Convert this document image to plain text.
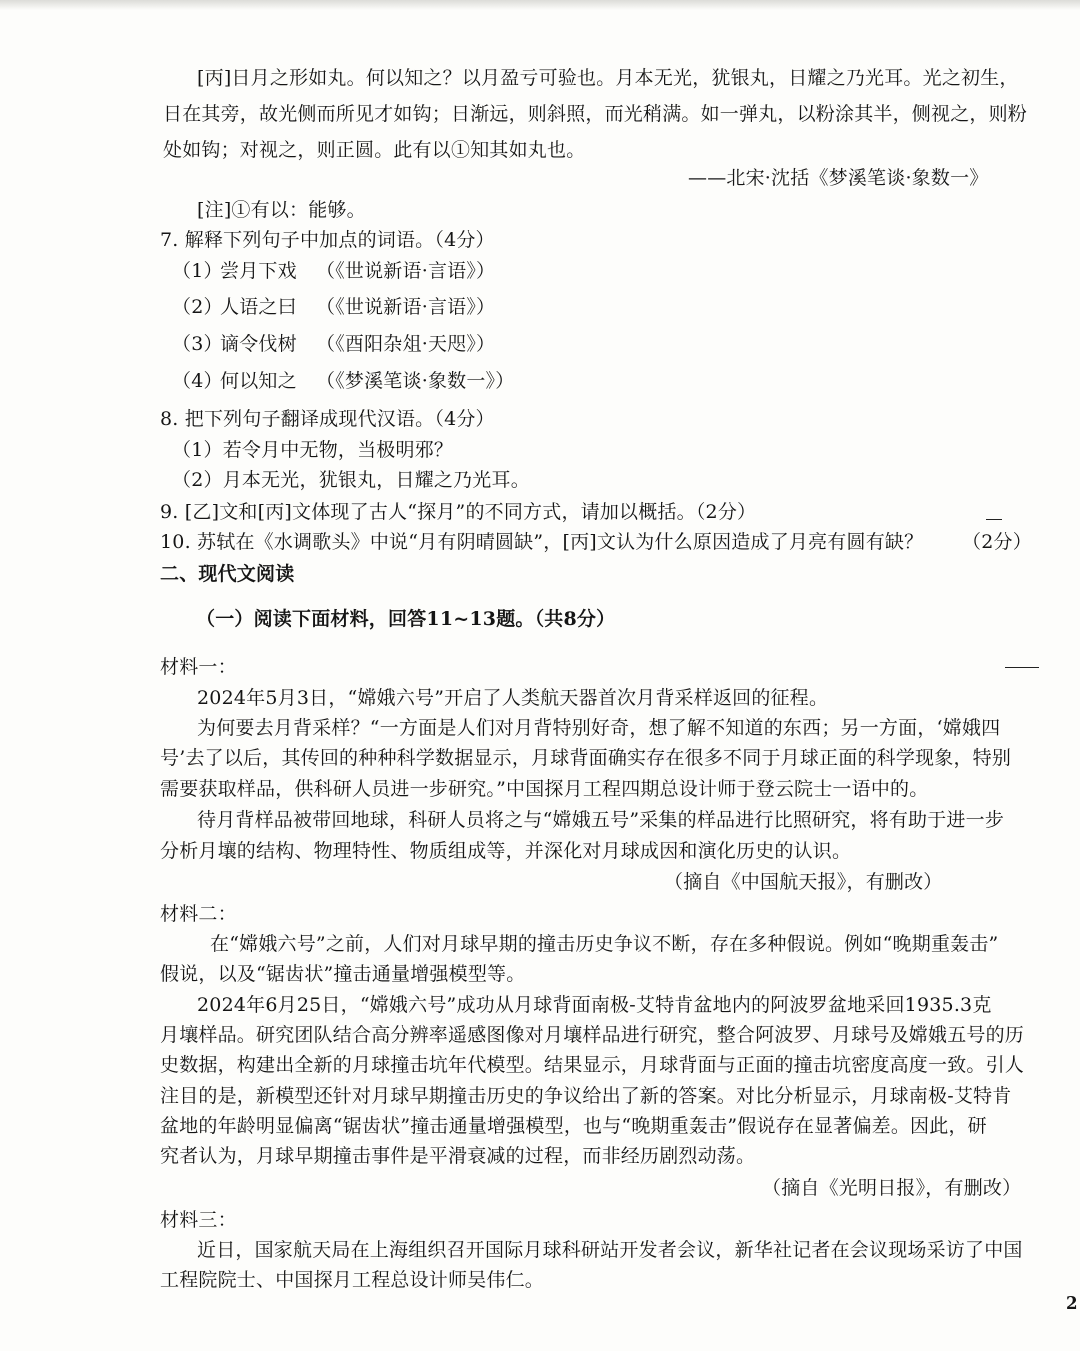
[丙]日月之形如丸。何以知之？以月盈亏可验也。月本无光，犹银丸，日耀之乃光耳。光之初生，
日在其旁，故光侧而所见才如钩；日渐远，则斜照，而光稍满。如一弹丸，以粉涂其半，侧视之，则粉
处如钩；对视之，则正圆。此有以①知其如丸也。
——北宋·沈括《梦溪笔谈·象数一》
[注]①有以：能够。
7. 解释下列句子中加点的词语。（4分）
（1）
尝月下戏 （《世说新语·言语》）
（2）
人语之曰 （《世说新语·言语》）
（3）
谪令伐树 （《酉阳杂俎·天咫》）
（4）
何以知之 （《梦溪笔谈·象数一》）
8. 把下列句子翻译成现代汉语。（4分）
（1）若令月中无物，当极明邪？
（2）月本无光，犹银丸，日耀之乃光耳。
9. [乙]文和[丙]文体现了古人“探月”的不同方式，请加以概括。（2分）
10. 苏轼在《水调歌头》中说“月有阴晴圆缺”，[丙]文认为什么原因造成了月亮有圆有缺？ （2分）
二、现代文阅读
（一）阅读下面材料，回答11~13题。（共8分）
材料一：
2024年5月3日，“嫦娥六号”开启了人类航天器首次月背采样返回的征程。
为何要去月背采样？“一方面是人们对月背特别好奇，想了解不知道的东西；另一方面，‘嫦娥四
号’去了以后，其传回的种种科学数据显示，月球背面确实存在很多不同于月球正面的科学现象，特别
需要获取样品，供科研人员进一步研究。”中国探月工程四期总设计师于登云院士一语中的。
待月背样品被带回地球，科研人员将之与“嫦娥五号”采集的样品进行比照研究，将有助于进一步
分析月壤的结构、物理特性、物质组成等，并深化对月球成因和演化历史的认识。
（摘自《中国航天报》，有删改）
材料二：
在“嫦娥六号”之前，人们对月球早期的撞击历史争议不断，存在多种假说。例如“晚期重轰击”
假说，以及“锯齿状”撞击通量增强模型等。
2024年6月25日，“嫦娥六号”成功从月球背面南极-艾特肯盆地内的阿波罗盆地采回1935.3克
月壤样品。研究团队结合高分辨率遥感图像对月壤样品进行研究，整合阿波罗、月球号及嫦娥五号的历
史数据，构建出全新的月球撞击坑年代模型。结果显示，月球背面与正面的撞击坑密度高度一致。引人
注目的是，新模型还针对月球早期撞击历史的争议给出了新的答案。对比分析显示，月球南极-艾特肯
盆地的年龄明显偏离“锯齿状”撞击通量增强模型，也与“晚期重轰击”假说存在显著偏差。因此，研
究者认为，月球早期撞击事件是平滑衰减的过程，而非经历剧烈动荡。
（摘自《光明日报》，有删改）
材料三：
近日，国家航天局在上海组织召开国际月球科研站开发者会议，新华社记者在会议现场采访了中国
工程院院士、中国探月工程总设计师吴伟仁。
2
